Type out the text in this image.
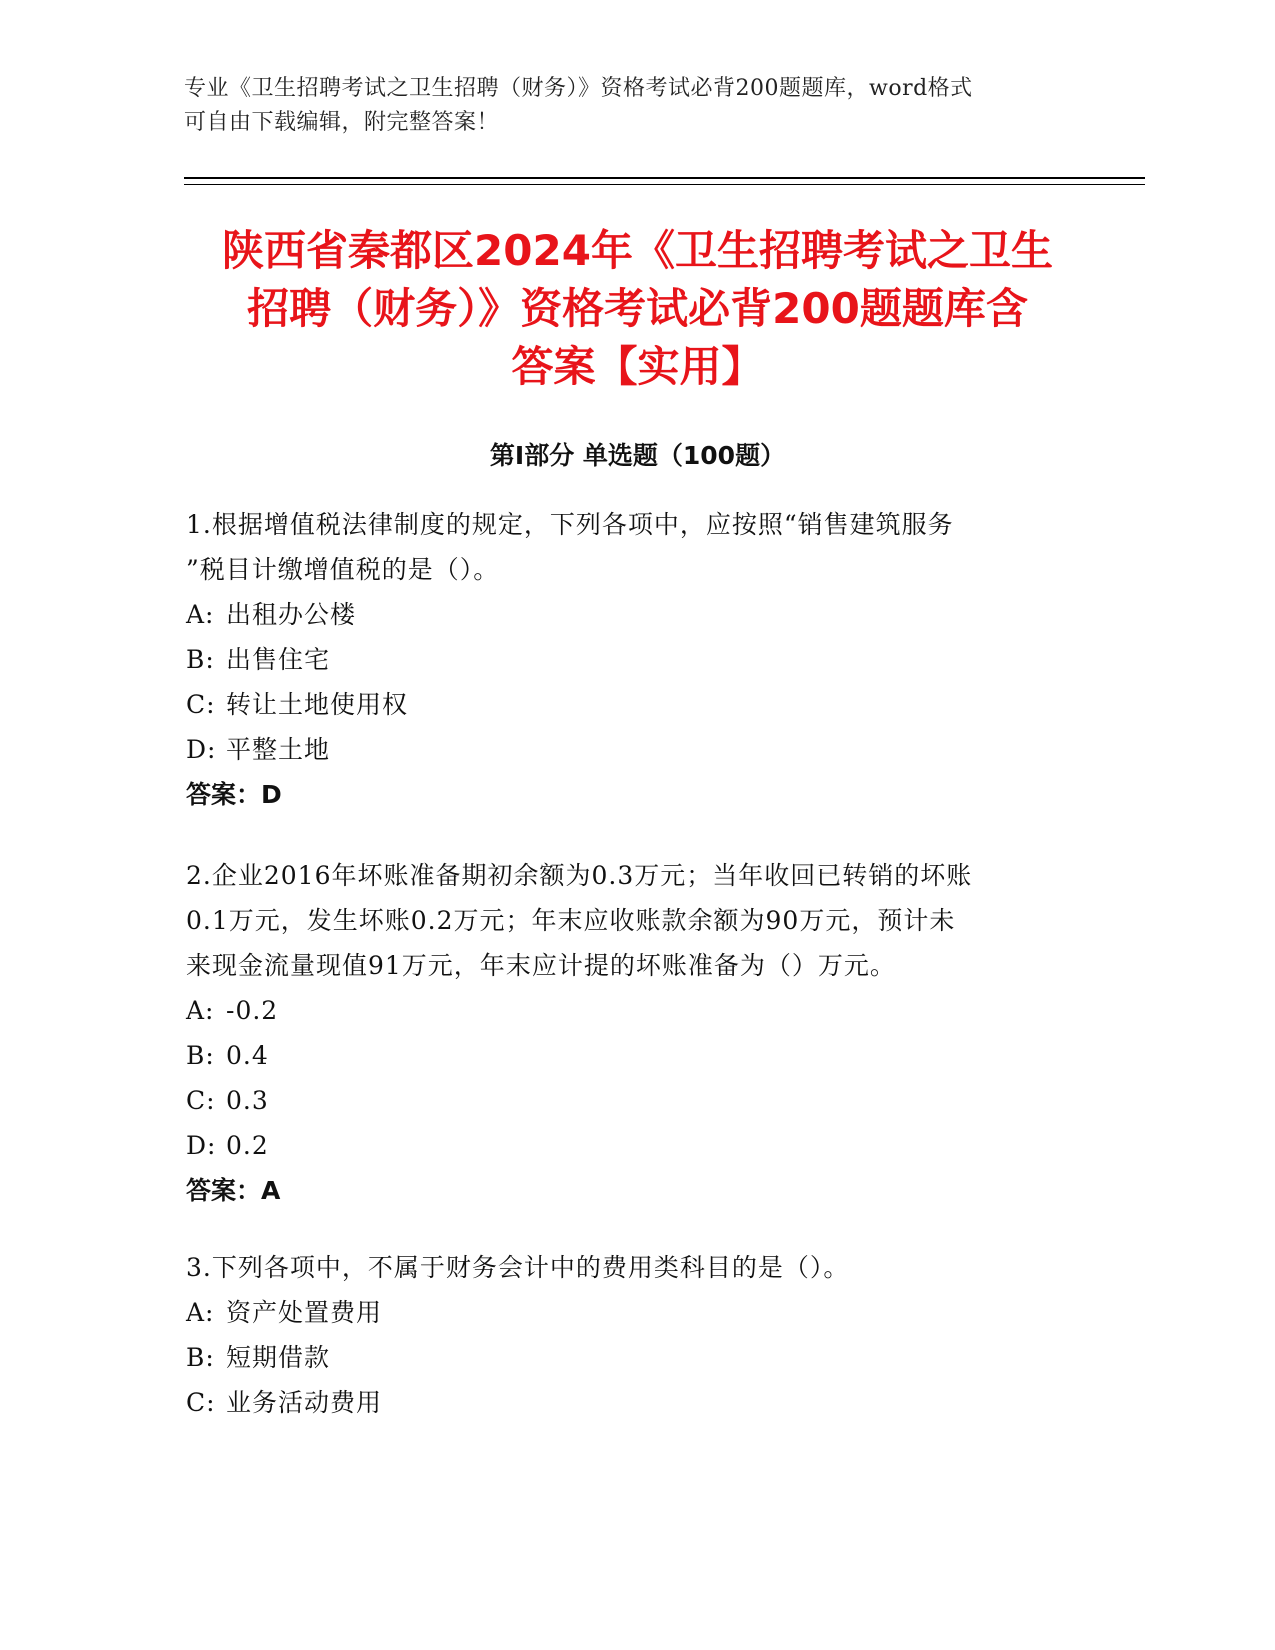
专业《卫生招聘考试之卫生招聘（财务）》资格考试必背200题题库，word格式
可自由下载编辑，附完整答案！
陕西省秦都区2024年《卫生招聘考试之卫生
招聘（财务）》资格考试必背200题题库含
答案【实用】
第I部分 单选题（100题）
1.根据增值税法律制度的规定，下列各项中，应按照“销售建筑服务
”税目计缴增值税的是（）。
A: 出租办公楼
B: 出售住宅
C: 转让土地使用权
D: 平整土地
答案：D
2.企业2016年坏账准备期初余额为0.3万元；当年收回已转销的坏账
0.1万元，发生坏账0.2万元；年末应收账款余额为90万元，预计未
来现金流量现值91万元，年末应计提的坏账准备为（）万元。
A: -0.2
B: 0.4
C: 0.3
D: 0.2
答案：A
3.下列各项中，不属于财务会计中的费用类科目的是（）。
A: 资产处置费用
B: 短期借款
C: 业务活动费用
